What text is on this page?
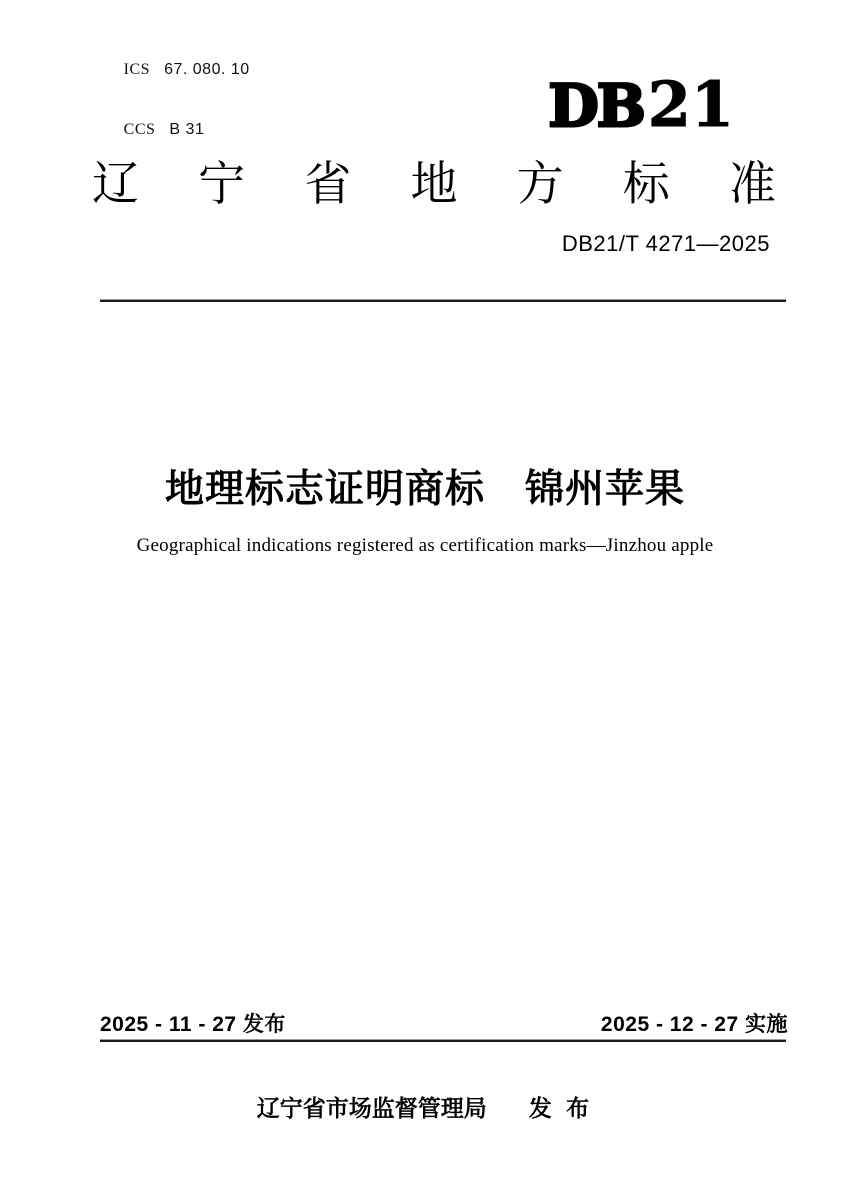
ICS 67. 080. 10

CCS B 31
	DB21
辽 宁 省 地 方 标 准
DB21/T 4271—2025
地理标志证明商标　锦州苹果
Geographical indications registered as certification marks—Jinzhou apple
2025 - 11 - 27 发布	2025 - 12 - 27 实施
辽宁省市场监督管理局 发 布
